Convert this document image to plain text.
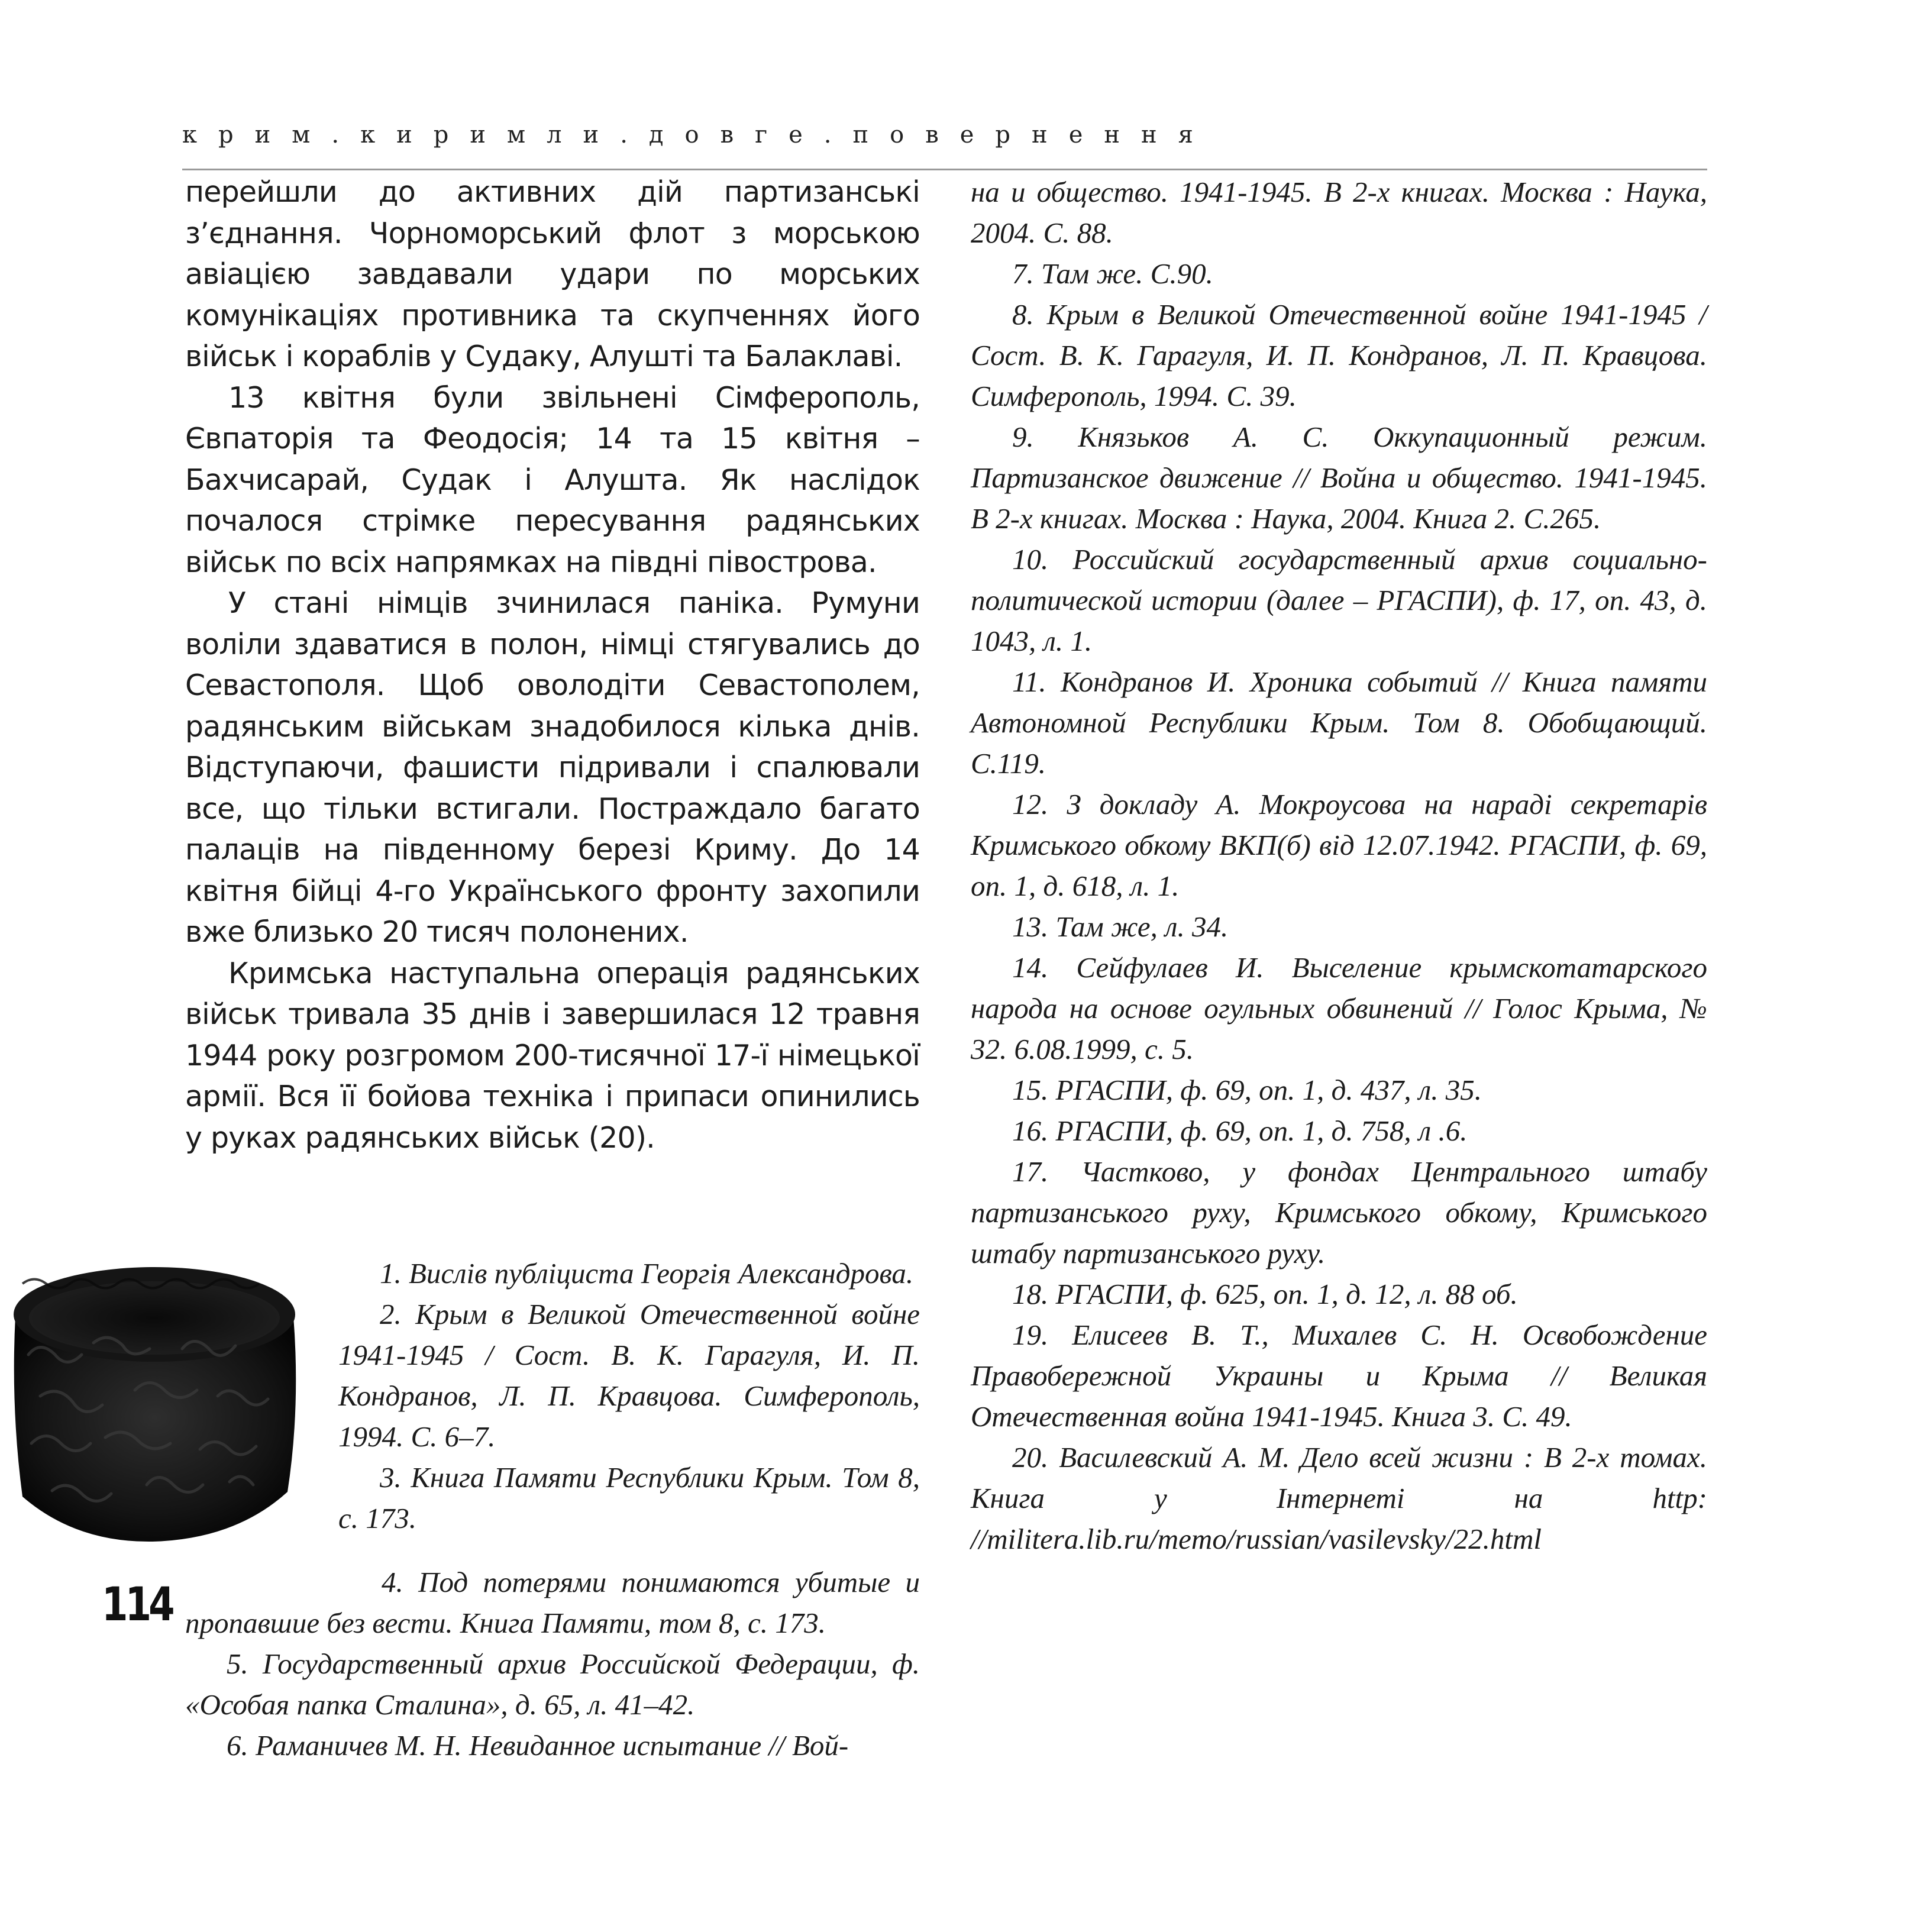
крим.киримли.довге.повернення

перейшли до активних дій партизанські з’єднання. Чорноморський флот з морською авіацією завдавали удари по морських комунікаціях противника та скупченнях його військ і кораблів у Судаку, Алушті та Балаклаві.

13 квітня були звільнені Сімферополь, Євпаторія та Феодосія; 14 та 15 квітня – Бахчисарай, Судак і Алушта. Як наслідок почалося стрімке пересування радянських військ по всіх напрямках на півдні півострова.

У стані німців зчинилася паніка. Румуни воліли здаватися в полон, німці стягувались до Севастополя. Щоб оволодіти Севастополем, радянським військам знадобилося кілька днів. Відступаючи, фашисти підривали і спалювали все, що тільки встигали. Постраждало багато палаців на південному березі Криму. До 14 квітня бійці 4-го Українського фронту захопили вже близько 20 тисяч полонених.

Кримська наступальна операція радянських військ тривала 35 днів і завершилася 12 травня 1944 року розгромом 200-тисячної 17-ї німецької армії. Вся її бойова техніка і припаси опинились у руках радянських військ (20).

1. Вислів публіциста Георгія Александрова.

2. Крым в Великой Отечественной войне 1941-1945 / Сост. В. К. Гарагуля, И. П. Кондранов, Л. П. Кравцова. Симферополь, 1994. С. 6–7.

3. Книга Памяти Республики Крым. Том 8, с. 173.

114	4. Под потерями понимаются убитые и пропавшие без вести. Книга Памяти, том 8, с. 173.

5. Государственный архив Российской Федерации, ф. «Особая папка Сталина», д. 65, л. 41–42.

6. Раманичев М. Н. Невиданное испытание // Вой-

на и общество. 1941-1945. В 2-х книгах. Москва : Наука, 2004. С. 88.

7. Там же. С.90.

8. Крым в Великой Отечественной войне 1941-1945 / Сост. В. К. Гарагуля, И. П. Кондранов, Л. П. Кравцова. Симферополь, 1994. С. 39.

9. Князьков А. С. Оккупационный режим. Партизанское движение // Война и общество. 1941-1945. В 2-х книгах. Москва : Наука, 2004. Книга 2. С.265.

10. Российский государственный архив социально-политической истории (далее – РГАСПИ), ф. 17, оп. 43, д. 1043, л. 1.

11. Кондранов И. Хроника событий // Книга памяти Автономной Республики Крым. Том 8. Обобщающий. С.119.

12. З докладу А. Мокроусова на нараді секретарів Кримського обкому ВКП(б) від 12.07.1942. РГАСПИ, ф. 69, оп. 1, д. 618, л. 1.

13. Там же, л. 34.

14. Сейфулаев И. Выселение крымскотатарского народа на основе огульных обвинений // Голос Крыма, № 32. 6.08.1999, с. 5.

15. РГАСПИ, ф. 69, оп. 1, д. 437, л. 35.

16. РГАСПИ, ф. 69, оп. 1, д. 758, л .6.

17. Частково, у фондах Центрального штабу партизанського руху, Кримського обкому, Кримського штабу партизанського руху.

18. РГАСПИ, ф. 625, оп. 1, д. 12, л. 88 об.

19. Елисеев В. Т., Михалев С. Н. Освобождение Правобережной Украины и Крыма // Великая Отечественная война 1941-1945. Книга 3. С. 49.

20. Василевский А. М. Дело всей жизни : В 2-х томах. Книга у Інтернеті на http: //militera.lib.ru/memo/russian/vasilevsky/22.html
